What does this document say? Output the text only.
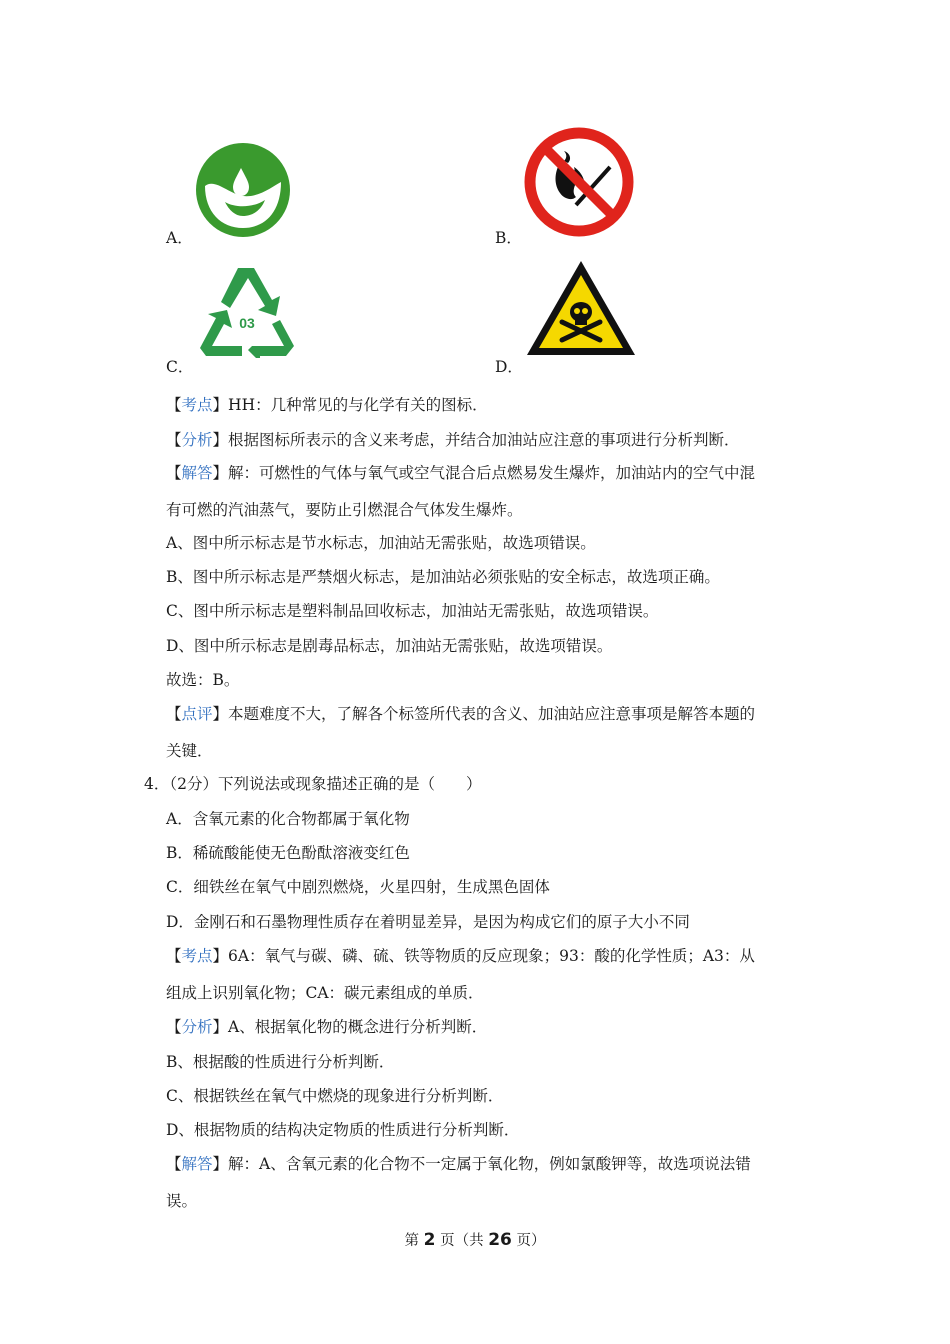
A．	B．
C．
03
D．
【考点】HH：几种常见的与化学有关的图标．
【分析】根据图标所表示的含义来考虑，并结合加油站应注意的事项进行分析判断．
【解答】解：可燃性的气体与氧气或空气混合后点燃易发生爆炸，加油站内的空气中混
有可燃的汽油蒸气，要防止引燃混合气体发生爆炸。
A、图中所示标志是节水标志，加油站无需张贴，故选项错误。
B、图中所示标志是严禁烟火标志，是加油站必须张贴的安全标志，故选项正确。
C、图中所示标志是塑料制品回收标志，加油站无需张贴，故选项错误。
D、图中所示标志是剧毒品标志，加油站无需张贴，故选项错误。
故选：B。
【点评】本题难度不大，了解各个标签所代表的含义、加油站应注意事项是解答本题的
关键．
4．（2分）下列说法或现象描述正确的是（　　）
A．含氧元素的化合物都属于氧化物
B．稀硫酸能使无色酚酞溶液变红色
C．细铁丝在氧气中剧烈燃烧，火星四射，生成黑色固体
D．金刚石和石墨物理性质存在着明显差异，是因为构成它们的原子大小不同
【考点】6A：氧气与碳、磷、硫、铁等物质的反应现象；93：酸的化学性质；A3：从
组成上识别氧化物；CA：碳元素组成的单质．
【分析】A、根据氧化物的概念进行分析判断．
B、根据酸的性质进行分析判断．
C、根据铁丝在氧气中燃烧的现象进行分析判断．
D、根据物质的结构决定物质的性质进行分析判断．
【解答】解：A、含氧元素的化合物不一定属于氧化物，例如氯酸钾等，故选项说法错
误。
第 2 页（共 26 页）
